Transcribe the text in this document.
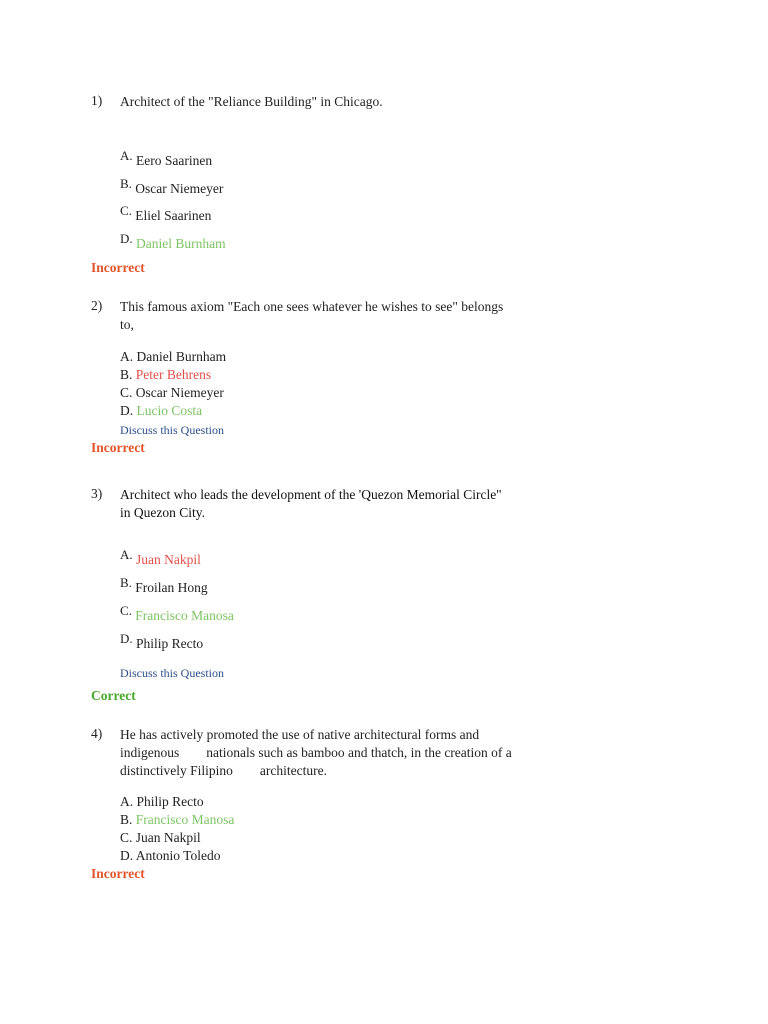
1) Architect of the "Reliance Building" in Chicago.
A. Eero Saarinen
B. Oscar Niemeyer
C. Eliel Saarinen
D. Daniel Burnham
Incorrect
2) This famous axiom "Each one sees whatever he wishes to see" belongs
to,
A. Daniel Burnham
B. Peter Behrens
C. Oscar Niemeyer
D. Lucio Costa
Discuss this Question
Incorrect
3) Architect who leads the development of the 'Quezon Memorial Circle"
in Quezon City.
A. Juan Nakpil
B. Froilan Hong
C. Francisco Manosa
D. Philip Recto
Discuss this Question
Correct
4) He has actively promoted the use of native architectural forms and
indigenous        nationals such as bamboo and thatch, in the creation of a
distinctively Filipino        architecture.
A. Philip Recto
B. Francisco Manosa
C. Juan Nakpil
D. Antonio Toledo
Incorrect
